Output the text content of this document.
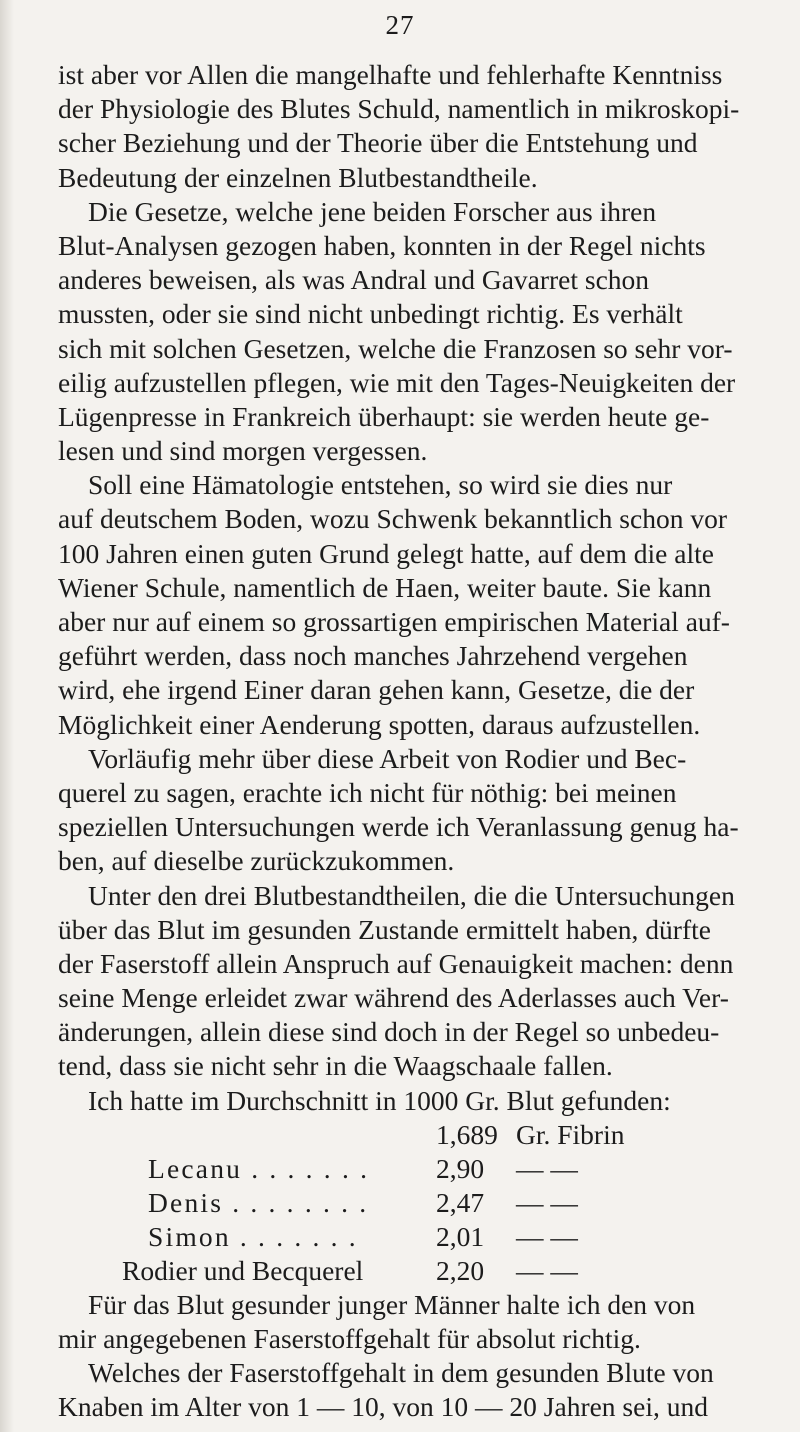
27
ist aber vor Allen die mangelhafte und fehlerhafte Kenntniss
der Physiologie des Blutes Schuld, namentlich in mikroskopi-
scher Beziehung und der Theorie über die Entstehung und
Bedeutung der einzelnen Blutbestandtheile.
Die Gesetze, welche jene beiden Forscher aus ihren
Blut-Analysen gezogen haben, konnten in der Regel nichts
anderes beweisen, als was Andral und Gavarret schon
mussten, oder sie sind nicht unbedingt richtig. Es verhält
sich mit solchen Gesetzen, welche die Franzosen so sehr vor-
eilig aufzustellen pflegen, wie mit den Tages-Neuigkeiten der
Lügenpresse in Frankreich überhaupt: sie werden heute ge-
lesen und sind morgen vergessen.
Soll eine Hämatologie entstehen, so wird sie dies nur
auf deutschem Boden, wozu Schwenk bekanntlich schon vor
100 Jahren einen guten Grund gelegt hatte, auf dem die alte
Wiener Schule, namentlich de Haen, weiter baute. Sie kann
aber nur auf einem so grossartigen empirischen Material auf-
geführt werden, dass noch manches Jahrzehend vergehen
wird, ehe irgend Einer daran gehen kann, Gesetze, die der
Möglichkeit einer Aenderung spotten, daraus aufzustellen.
Vorläufig mehr über diese Arbeit von Rodier und Bec-
querel zu sagen, erachte ich nicht für nöthig: bei meinen
speziellen Untersuchungen werde ich Veranlassung genug ha-
ben, auf dieselbe zurückzukommen.
Unter den drei Blutbestandtheilen, die die Untersuchungen
über das Blut im gesunden Zustande ermittelt haben, dürfte
der Faserstoff allein Anspruch auf Genauigkeit machen: denn
seine Menge erleidet zwar während des Aderlasses auch Ver-
änderungen, allein diese sind doch in der Regel so unbedeu-
tend, dass sie nicht sehr in die Waagschaale fallen.
Ich hatte im Durchschnitt in 1000 Gr. Blut gefunden:
1,689 Gr. Fibrin
Lecanu . . . . . . . 2,90 — —
Denis . . . . . . . . 2,47 — —
Simon . . . . . . .	2,01 — —
Rodier und Becquerel	2,20 — —
Für das Blut gesunder junger Männer halte ich den von
mir angegebenen Faserstoffgehalt für absolut richtig.
Welches der Faserstoffgehalt in dem gesunden Blute von
Knaben im Alter von 1 — 10, von 10 — 20 Jahren sei, und
